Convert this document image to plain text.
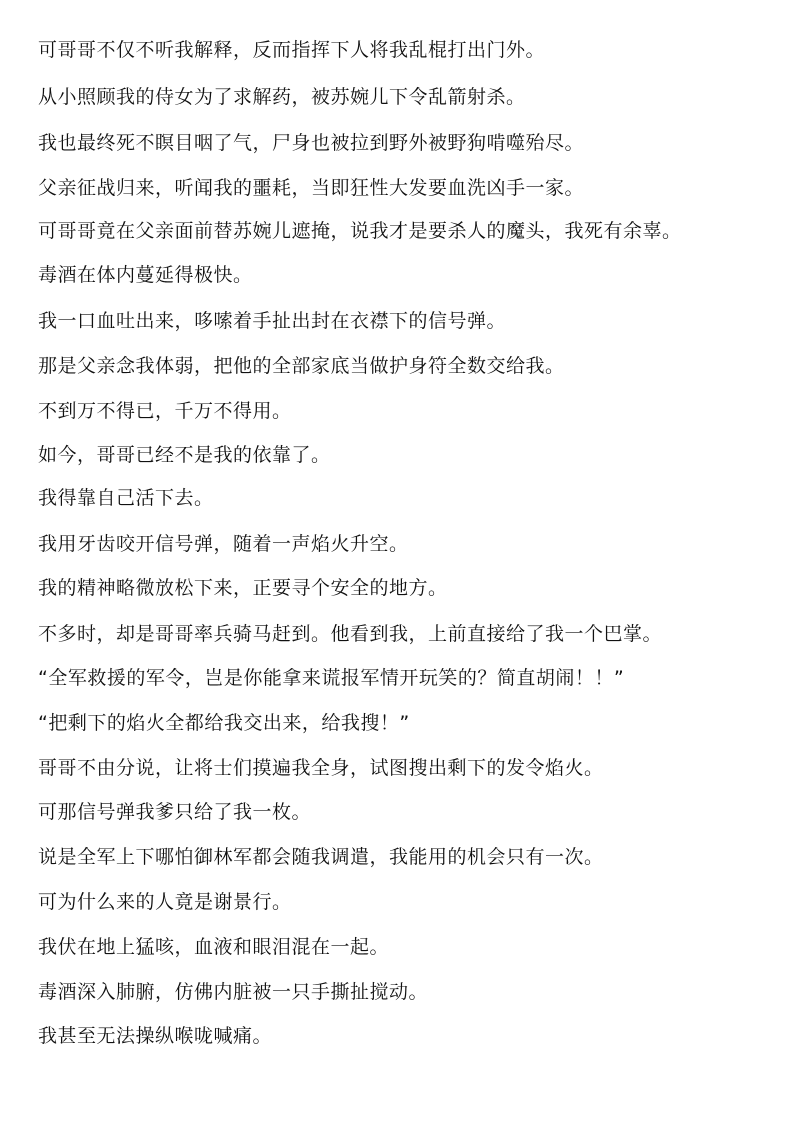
可哥哥不仅不听我解释，反而指挥下人将我乱棍打出门外。
从小照顾我的侍女为了求解药，被苏婉儿下令乱箭射杀。
我也最终死不瞑目咽了气，尸身也被拉到野外被野狗啃噬殆尽。
父亲征战归来，听闻我的噩耗，当即狂性大发要血洗凶手一家。
可哥哥竟在父亲面前替苏婉儿遮掩，说我才是要杀人的魔头，我死有余辜。
毒酒在体内蔓延得极快。
我一口血吐出来，哆嗦着手扯出封在衣襟下的信号弹。
那是父亲念我体弱，把他的全部家底当做护身符全数交给我。
不到万不得已，千万不得用。
如今，哥哥已经不是我的依靠了。
我得靠自己活下去。
我用牙齿咬开信号弹，随着一声焰火升空。
我的精神略微放松下来，正要寻个安全的地方。
不多时，却是哥哥率兵骑马赶到。他看到我，上前直接给了我一个巴掌。
“全军救援的军令，岂是你能拿来谎报军情开玩笑的？简直胡闹！！”
“把剩下的焰火全都给我交出来，给我搜！”
哥哥不由分说，让将士们摸遍我全身，试图搜出剩下的发令焰火。
可那信号弹我爹只给了我一枚。
说是全军上下哪怕御林军都会随我调遣，我能用的机会只有一次。
可为什么来的人竟是谢景行。
我伏在地上猛咳，血液和眼泪混在一起。
毒酒深入肺腑，仿佛内脏被一只手撕扯搅动。
我甚至无法操纵喉咙喊痛。
